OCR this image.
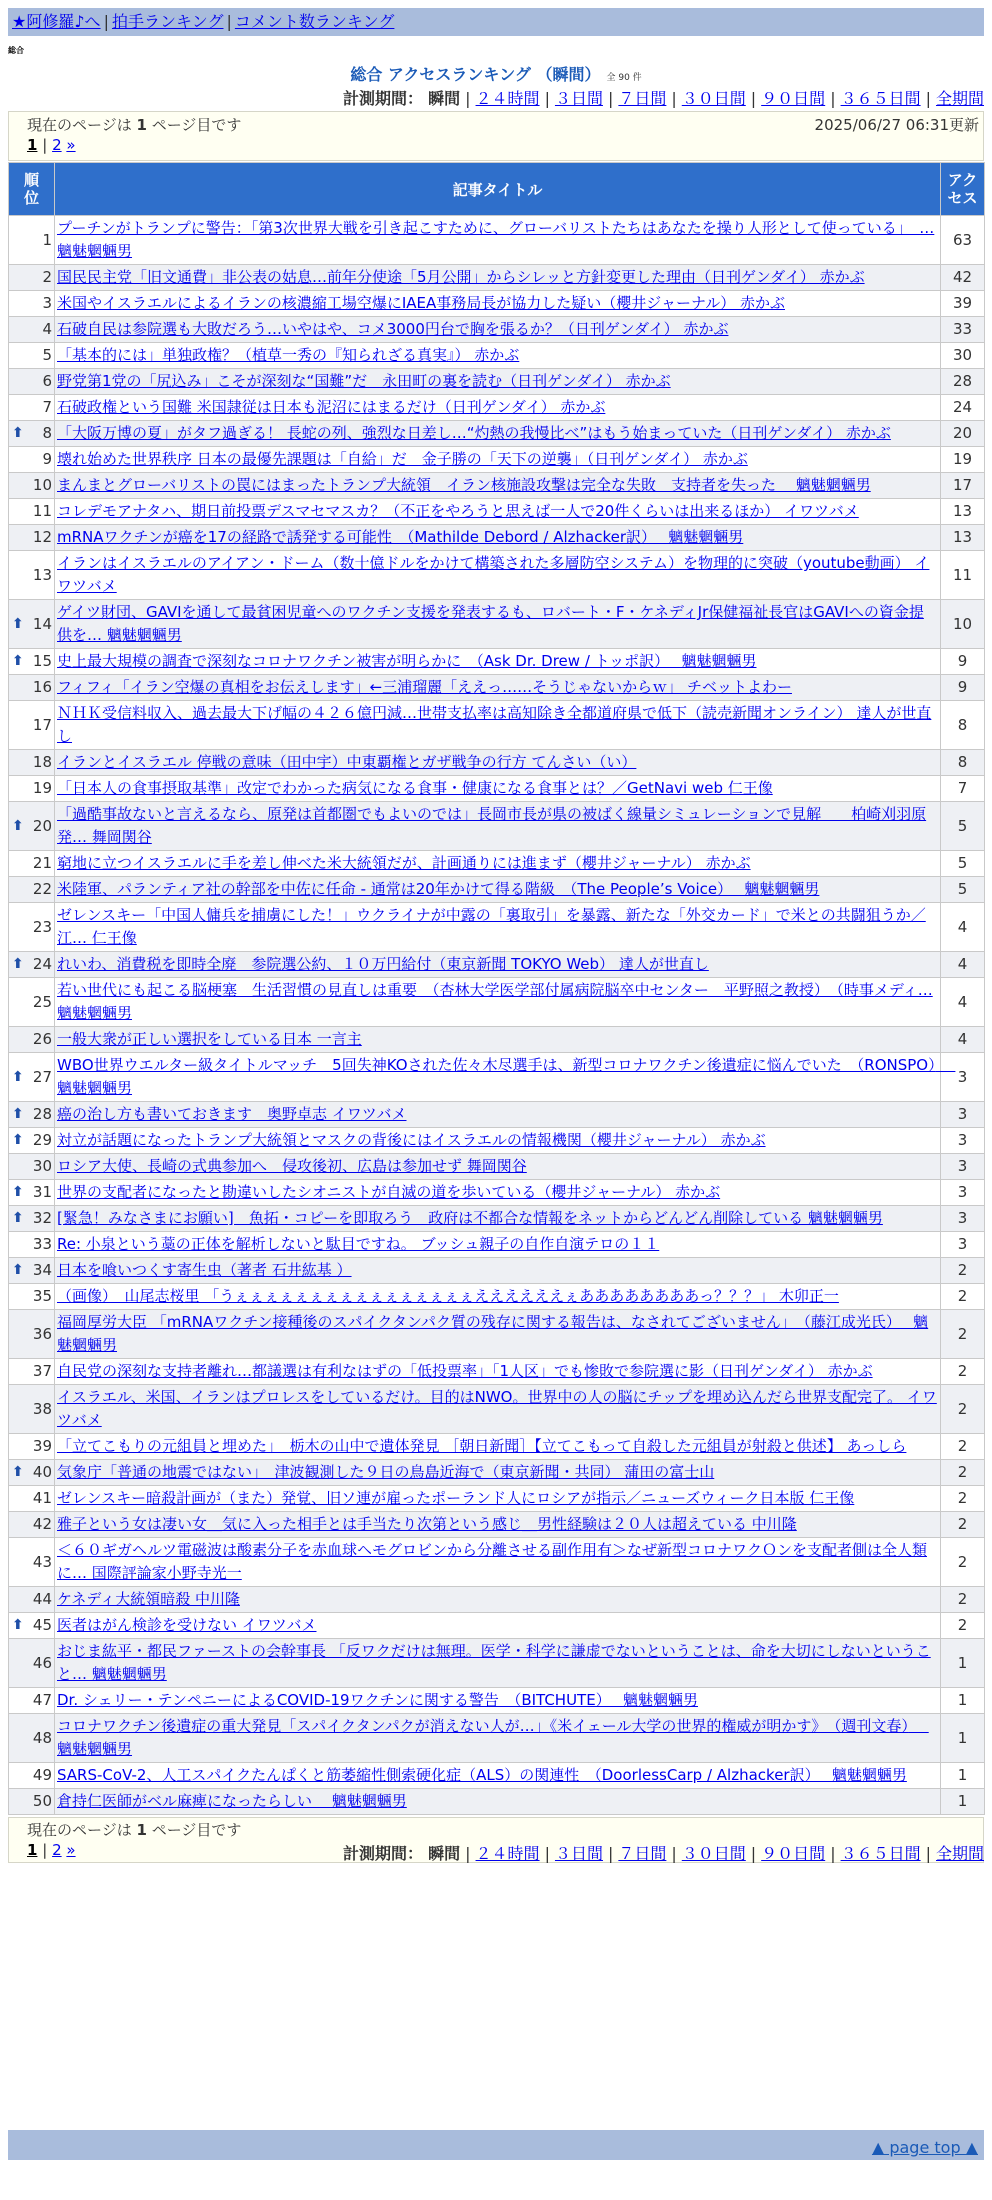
★阿修羅♪へ | 拍手ランキング | コメント数ランキング
総合
総合 アクセスランキング （瞬間） 全 90 件
計測期間： 瞬間 | ２４時間 | ３日間 | ７日間 | ３０日間 | ９０日間 | ３６５日間 | 全期間
現在のページは 1 ページ目です	2025/06/27 06:31更新
1 | 2 »
順位	記事タイトル	アクセス
1	プーチンがトランプに警告：「第3次世界大戦を引き起こすために、グローバリストたちはあなたを操り人形として使っている」　… 魑魅魍魎男	63
2	国民民主党「旧文通費」非公表の姑息…前年分使途「5月公開」からシレッと方針変更した理由（日刊ゲンダイ） 赤かぶ	42
3	米国やイスラエルによるイランの核濃縮工場空爆にIAEA事務局長が協力した疑い（櫻井ジャーナル） 赤かぶ	39
4	石破自民は参院選も大敗だろう…いやはや、コメ3000円台で胸を張るか？（日刊ゲンダイ） 赤かぶ	33
5	「基本的には」単独政権？（植草一秀の『知られざる真実』） 赤かぶ	30
6	野党第1党の「尻込み」こそが深刻な“国難”だ　永田町の裏を読む（日刊ゲンダイ） 赤かぶ	28
7	石破政権という国難 米国隷従は日本も泥沼にはまるだけ（日刊ゲンダイ） 赤かぶ	24

⬆ 8	「大阪万博の夏」がタフ過ぎる！ 長蛇の列、強烈な日差し…“灼熱の我慢比べ”はもう始まっていた（日刊ゲンダイ） 赤かぶ	20
9	壊れ始めた世界秩序 日本の最優先課題は「自給」だ　金子勝の「天下の逆襲」（日刊ゲンダイ） 赤かぶ	19
10	まんまとグローバリストの罠にはまったトランプ大統領　イラン核施設攻撃は完全な失敗　支持者を失った　 魑魅魍魎男	17
11	コレデモアナタハ、期日前投票デスマセマスカ？（不正をやろうと思えば一人で20件くらいは出来るほか） イワツバメ	13
12	mRNAワクチンが癌を17の経路で誘発する可能性　（Mathilde Debord / Alzhacker訳）　 魑魅魍魎男	13
13	イランはイスラエルのアイアン・ドーム（数十億ドルをかけて構築された多層防空システム）を物理的に突破（youtube動画） イワツバメ	11

⬆ 14	ゲイツ財団、GAVIを通して最貧困児童へのワクチン支援を発表するも、ロバート・F・ケネディJr保健福祉長官はGAVIへの資金提供を… 魑魅魍魎男	10

⬆ 15	史上最大規模の調査で深刻なコロナワクチン被害が明らかに　（Ask Dr. Drew / トッポ訳）　 魑魅魍魎男	9
16	フィフィ「イラン空爆の真相をお伝えします」←三浦瑠麗「ええっ……そうじゃないからｗ」 チベットよわー	9
17	ＮＨＫ受信料収入、過去最大下げ幅の４２６億円減…世帯支払率は高知除き全都道府県で低下（読売新聞オンライン） 達人が世直し	8
18	イランとイスラエル 停戦の意味（田中宇）中東覇権とガザ戦争の行方 てんさい（い）	8
19	「日本人の食事摂取基準」改定でわかった病気になる食事・健康になる食事とは？／GetNavi web 仁王像	7

⬆ 20	「過酷事故ないと言えるなら、原発は首都圏でもよいのでは」長岡市長が県の被ばく線量シミュレーションで見解　　柏崎刈羽原発… 舞岡関谷	5
21	窮地に立つイスラエルに手を差し伸べた米大統領だが、計画通りには進まず（櫻井ジャーナル） 赤かぶ	5
22	米陸軍、パランティア社の幹部を中佐に任命 - 通常は20年かけて得る階級　（The People’s Voice）　 魑魅魍魎男	5
23	ゼレンスキー「中国人傭兵を捕虜にした！」ウクライナが中露の「裏取引」を暴露、新たな「外交カード」で米との共闘狙うか／江… 仁王像	4

⬆ 24	れいわ、消費税を即時全廃　参院選公約、１０万円給付（東京新聞 TOKYO Web） 達人が世直し	4
25	若い世代にも起こる脳梗塞　生活習慣の見直しは重要　（杏林大学医学部付属病院脳卒中センター　平野照之教授）　（時事メディ… 魑魅魍魎男	4
26	一般大衆が正しい選択をしている日本 一言主	4

⬆ 27	WBO世界ウエルター級タイトルマッチ　5回失神KOされた佐々木尽選手は、新型コロナワクチン後遺症に悩んでいた　（RONSPO）　 魑魅魍魎男	3

⬆ 28	癌の治し方も書いておきます　奥野卓志 イワツバメ	3

⬆ 29	対立が話題になったトランプ大統領とマスクの背後にはイスラエルの情報機関（櫻井ジャーナル） 赤かぶ	3
30	ロシア大使、長崎の式典参加へ　侵攻後初、広島は参加せず 舞岡関谷	3

⬆ 31	世界の支配者になったと勘違いしたシオニストが自滅の道を歩いている（櫻井ジャーナル） 赤かぶ	3

⬆ 32	[緊急！みなさまにお願い]　魚拓・コピーを即取ろう　政府は不都合な情報をネットからどんどん削除している 魑魅魍魎男	3
33	Re: 小泉という藁の正体を解析しないと駄目ですね。 ブッシュ親子の自作自演テロの１１	3

⬆ 34	日本を喰いつくす寄生虫（著者 石井紘基 ）	2
35	（画像）　山尾志桜里 「うぇぇぇぇぇぇぇぇぇぇぇぇぇぇぇぇええええええぇああああああああっ？？？」 木卯正一	2
36	福岡厚労大臣 「mRNAワクチン接種後のスパイクタンパク質の残存に関する報告は、なされてございません」　（藤江成光氏）　 魑魅魍魎男	2
37	自民党の深刻な支持者離れ…都議選は有利なはずの「低投票率」「1人区」でも惨敗で参院選に影（日刊ゲンダイ） 赤かぶ	2
38	イスラエル、米国、イランはプロレスをしているだけ。目的はNWO。世界中の人の脳にチップを埋め込んだら世界支配完了。 イワツバメ	2
39	「立てこもりの元組員と埋めた」　栃木の山中で遺体発見 ［朝日新聞］【立てこもって自殺した元組員が射殺と供述】 あっしら	2

⬆ 40	気象庁「普通の地震ではない」　津波観測した９日の鳥島近海で（東京新聞・共同） 蒲田の富士山	2
41	ゼレンスキー暗殺計画が（また）発覚、旧ソ連が雇ったポーランド人にロシアが指示／ニューズウィーク日本版 仁王像	2
42	雅子という女は凄い女＿気に入った相手とは手当たり次第という感じ＿男性経験は２０人は超えている 中川隆	2
43	＜６０ギガヘルツ電磁波は酸素分子を赤血球ヘモグロビンから分離させる副作用有＞なぜ新型コロナワクＯンを支配者側は全人類に… 国際評論家小野寺光一	2
44	ケネディ大統領暗殺 中川隆	2

⬆ 45	医者はがん検診を受けない イワツバメ	2
46	おじま紘平・都民ファーストの会幹事長 「反ワクだけは無理。医学・科学に謙虚でないということは、命を大切にしないということ… 魑魅魍魎男	1
47	Dr. シェリー・テンペニーによるCOVID-19ワクチンに関する警告　（BITCHUTE）　 魑魅魍魎男	1
48	コロナワクチン後遺症の重大発見「スパイクタンパクが消えない人が…」《米イェール大学の世界的権威が明かす》　（週刊文春）　 魑魅魍魎男	1
49	SARS-CoV-2、人工スパイクたんぱくと筋萎縮性側索硬化症（ALS）の関連性　（DoorlessCarp / Alzhacker訳）　 魑魅魍魎男	1
50	倉持仁医師がベル麻痺になったらしい　 魑魅魍魎男	1
現在のページは 1 ページ目です
1 | 2 »
▲ page top ▲
計測期間： 瞬間 | ２４時間 | ３日間 | ７日間 | ３０日間 | ９０日間 | ３６５日間 | 全期間
